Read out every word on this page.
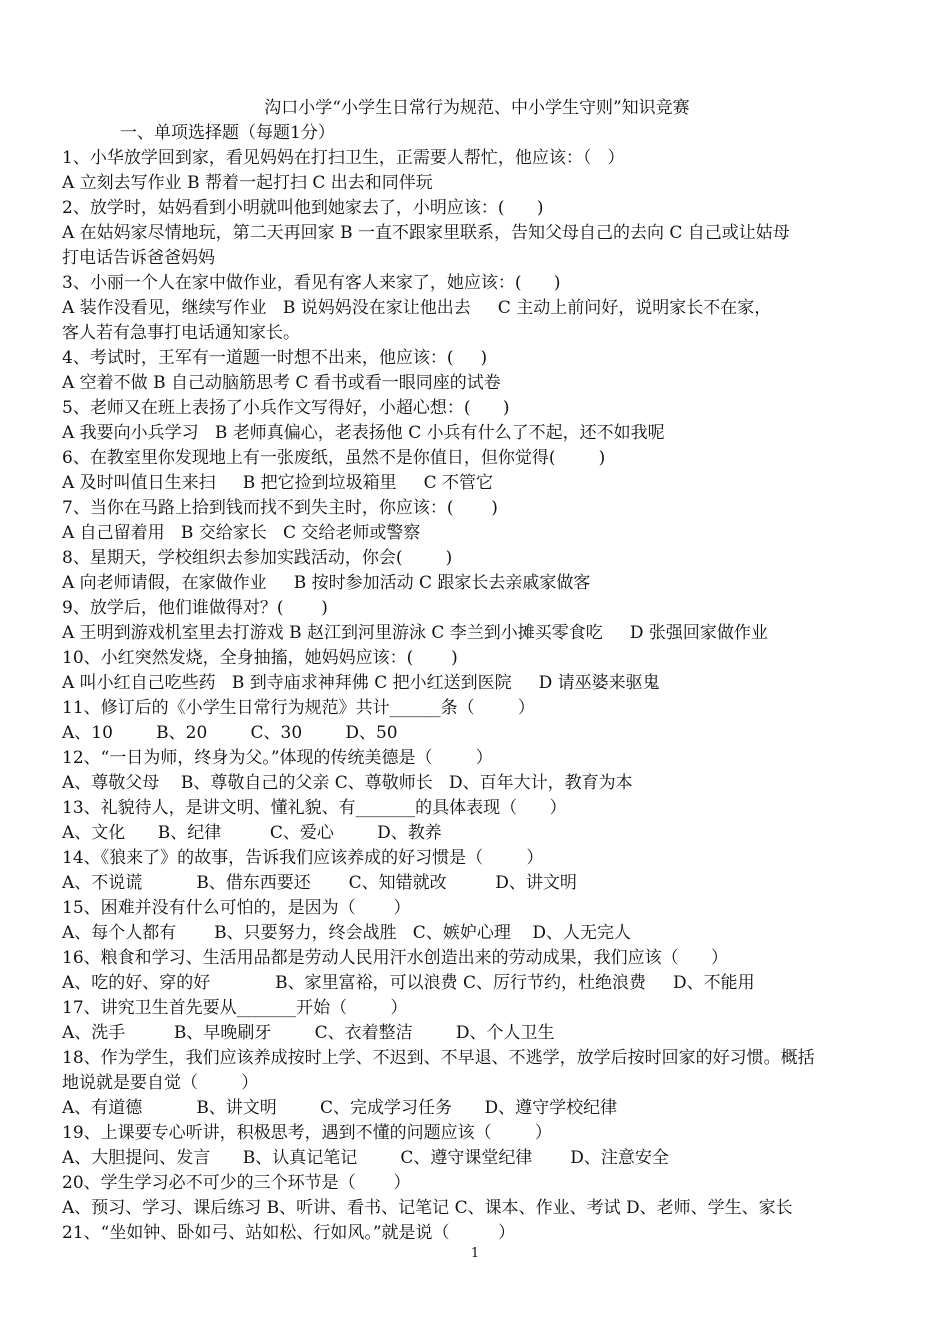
沟口小学“小学生日常行为规范、中小学生守则”知识竞赛
一、单项选择题（每题1分）
1、小华放学回到家，看见妈妈在打扫卫生，正需要人帮忙，他应该：（   ）
A 立刻去写作业 B 帮着一起打扫 C 出去和同伴玩
2、放学时，姑妈看到小明就叫他到她家去了，小明应该：(      )
A 在姑妈家尽情地玩，第二天再回家 B 一直不跟家里联系，告知父母自己的去向 C 自己或让姑母
打电话告诉爸爸妈妈
3、小丽一个人在家中做作业，看见有客人来家了，她应该：(      )
A 装作没看见，继续写作业   B 说妈妈没在家让他出去     C 主动上前问好，说明家长不在家，
客人若有急事打电话通知家长。
4、考试时，王军有一道题一时想不出来，他应该：(     )
A 空着不做 B 自己动脑筋思考 C 看书或看一眼同座的试卷
5、老师又在班上表扬了小兵作文写得好，小超心想：(      )
A 我要向小兵学习   B 老师真偏心，老表扬他 C 小兵有什么了不起，还不如我呢
6、在教室里你发现地上有一张废纸，虽然不是你值日，但你觉得(        )
A 及时叫值日生来扫     B 把它捡到垃圾箱里     C 不管它
7、当你在马路上拾到钱而找不到失主时，你应该：(       )
A 自己留着用   B 交给家长   C 交给老师或警察
8、星期天，学校组织去参加实践活动，你会(        )
A 向老师请假，在家做作业     B 按时参加活动 C 跟家长去亲戚家做客
9、放学后，他们谁做得对？(       )
A 王明到游戏机室里去打游戏 B 赵江到河里游泳 C 李兰到小摊买零食吃     D 张强回家做作业
10、小红突然发烧，全身抽搐，她妈妈应该：(       )
A 叫小红自己吃些药   B 到寺庙求神拜佛 C 把小红送到医院     D 请巫婆来驱鬼
11、修订后的《小学生日常行为规范》共计______条（        ）
A、10        B、20        C、30        D、50
12、“一日为师，终身为父。”体现的传统美德是（        ）
A、尊敬父母    B、尊敬自己的父亲 C、尊敬师长   D、百年大计，教育为本
13、礼貌待人，是讲文明、懂礼貌、有_______的具体表现（      ）
A、文化      B、纪律         C、爱心        D、教养
14、《狼来了》的故事，告诉我们应该养成的好习惯是（        ）
A、不说谎          B、借东西要还       C、知错就改         D、讲文明
15、困难并没有什么可怕的，是因为（       ）
A、每个人都有       B、只要努力，终会战胜   C、嫉妒心理    D、人无完人
16、粮食和学习、生活用品都是劳动人民用汗水创造出来的劳动成果，我们应该（      ）
A、吃的好、穿的好            B、家里富裕，可以浪费 C、厉行节约，杜绝浪费     D、不能用
17、讲究卫生首先要从_______开始（        ）
A、洗手         B、早晚刷牙        C、衣着整洁        D、个人卫生
18、作为学生，我们应该养成按时上学、不迟到、不早退、不逃学，放学后按时回家的好习惯。概括
地说就是要自觉（        ）
A、有道德          B、讲文明        C、完成学习任务      D、遵守学校纪律
19、上课要专心听讲，积极思考，遇到不懂的问题应该（        ）
A、大胆提问、发言      B、认真记笔记        C、遵守课堂纪律       D、注意安全
20、学生学习必不可少的三个环节是（       ）
A、预习、学习、课后练习 B、听讲、看书、记笔记 C、课本、作业、考试 D、老师、学生、家长
21、“坐如钟、卧如弓、站如松、行如风。”就是说（         ）
1
